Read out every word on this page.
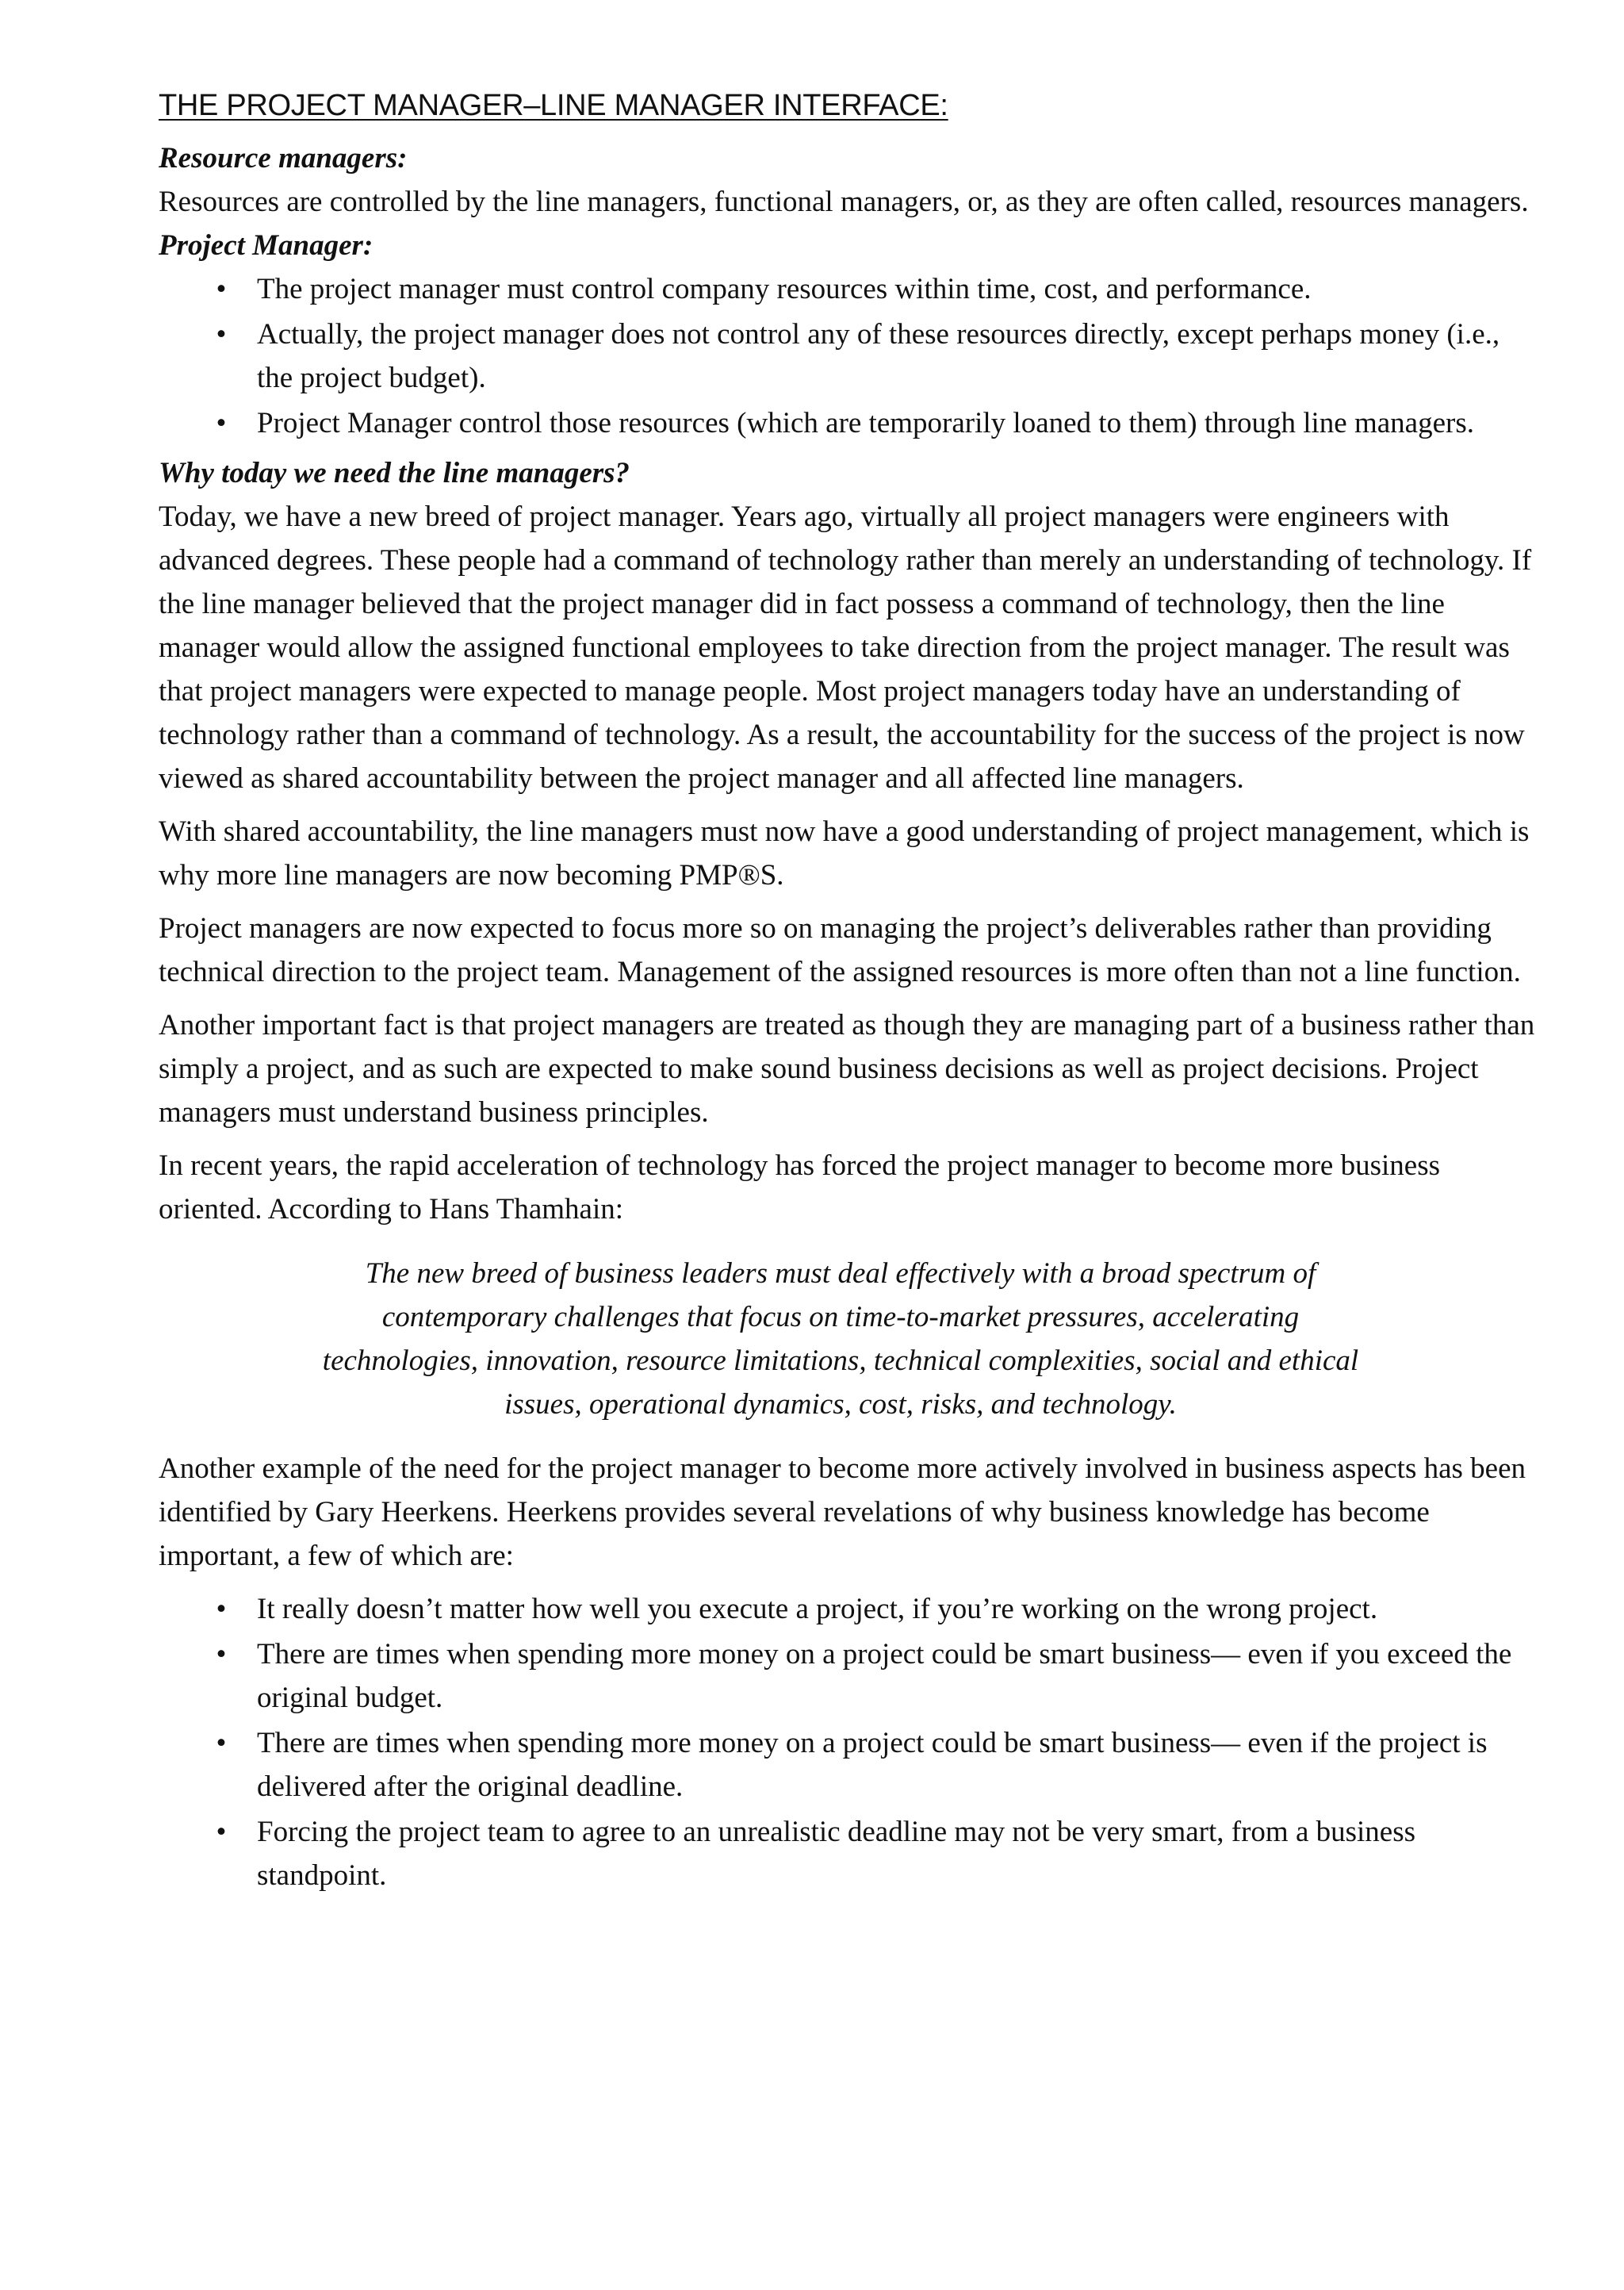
THE PROJECT MANAGER–LINE MANAGER INTERFACE:
Resource managers:

Resources are controlled by the line managers, functional managers, or, as they are often called, resources managers.

Project Manager:
• The project manager must control company resources within time, cost, and performance.
• Actually, the project manager does not control any of these resources directly, except perhaps money (i.e., the project budget).
• Project Manager control those resources (which are temporarily loaned to them) through line managers.
Why today we need the line managers?

Today, we have a new breed of project manager. Years ago, virtually all project managers were engineers with advanced degrees. These people had a command of technology rather than merely an understanding of technology. If the line manager believed that the project manager did in fact possess a command of technology, then the line manager would allow the assigned functional employees to take direction from the project manager. The result was that project managers were expected to manage people. Most project managers today have an understanding of technology rather than a command of technology. As a result, the accountability for the success of the project is now viewed as shared accountability between the project manager and all affected line managers.

With shared accountability, the line managers must now have a good understanding of project management, which is why more line managers are now becoming PMP®S.

Project managers are now expected to focus more so on managing the project’s deliverables rather than providing technical direction to the project team. Management of the assigned resources is more often than not a line function.

Another important fact is that project managers are treated as though they are managing part of a business rather than simply a project, and as such are expected to make sound business decisions as well as project decisions. Project managers must understand business principles.

In recent years, the rapid acceleration of technology has forced the project manager to become more business oriented. According to Hans Thamhain:

The new breed of business leaders must deal effectively with a broad spectrum of contemporary challenges that focus on time-to-market pressures, accelerating technologies, innovation, resource limitations, technical complexities, social and ethical issues, operational dynamics, cost, risks, and technology.

Another example of the need for the project manager to become more actively involved in business aspects has been identified by Gary Heerkens. Heerkens provides several revelations of why business knowledge has become important, a few of which are:

• It really doesn’t matter how well you execute a project, if you’re working on the wrong project.
• There are times when spending more money on a project could be smart business— even if you exceed the original budget.
• There are times when spending more money on a project could be smart business— even if the project is delivered after the original deadline.
• Forcing the project team to agree to an unrealistic deadline may not be very smart, from a business standpoint.
